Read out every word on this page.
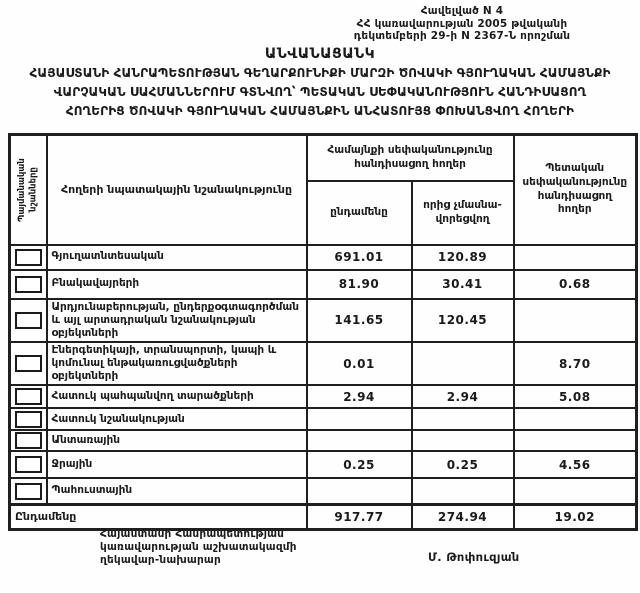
Հավելված N 4
ՀՀ կառավարության 2005 թվականի
դեկտեմբերի 29-ի N 2367-Ն որոշման
ԱՆՎԱՆԱՑԱՆԿ
ՀԱՅԱՍՏԱՆԻ ՀԱՆՐԱՊԵՏՈՒԹՅԱՆ ԳԵՂԱՐՔՈՒՆԻՔԻ ՄԱՐԶԻ ԾՈՎԱԿԻ ԳՅՈՒՂԱԿԱՆ ՀԱՄԱՅՆՔԻ
ՎԱՐՉԱԿԱՆ ՍԱՀՄԱՆՆԵՐՈՒՄ ԳՏՆՎՈՂ՝ ՊԵՏԱԿԱՆ ՍԵՓԱԿԱՆՈՒԹՅՈՒՆ ՀԱՆԴԻՍԱՑՈՂ
ՀՈՂԵՐԻՑ ԾՈՎԱԿԻ ԳՅՈՒՂԱԿԱՆ ՀԱՄԱՅՆՔԻՆ ԱՆՀԱՏՈՒՅՑ ՓՈԽԱՆՑՎՈՂ ՀՈՂԵՐԻ
Պայմանական նշանները	Հողերի նպատակային նշանակությունը	Համայնքի սեփականությունը հանդիսացող հողեր		Պետական սեփականությունը հանդիսացող հողեր
		ընդամենը	որից չմասնա-վորեցվող	

	Գյուղատնտեսական	691.01	120.89	

	Բնակավայրերի	81.90	30.41	0.68

	Արդյունաբերության, ընդերքօգտագործման և այլ արտադրական նշանակության օբյեկտների	141.65	120.45	

	Էներգետիկայի, տրանսպորտի, կապի և կոմունալ ենթակառուցվածքների օբյեկտների	0.01		8.70

	Հատուկ պահպանվող տարածքների	2.94	2.94	5.08

	Հատուկ նշանակության			

	Անտառային			

	Ջրային	0.25	0.25	4.56

	Պահուստային			
Ընդամենը		917.77	274.94	19.02
Հայաստանի Հանրապետության
կառավարության աշխատակազմի
ղեկավար-նախարար	Մ. Թոփուզյան
